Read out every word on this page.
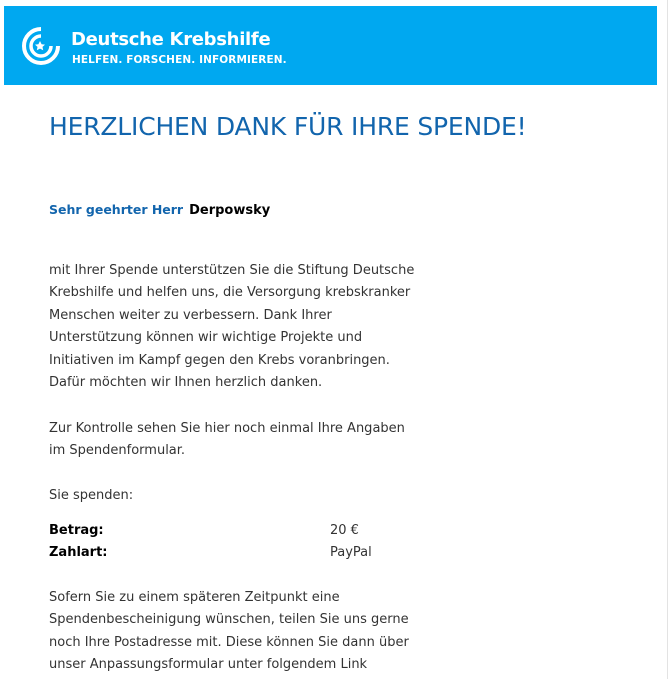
Deutsche Krebshilfe
HELFEN. FORSCHEN. INFORMIEREN.
HERZLICHEN DANK FÜR IHRE SPENDE!
Sehr geehrter Herr Derpowsky
mit Ihrer Spende unterstützen Sie die Stiftung Deutsche Krebshilfe und helfen uns, die Versorgung krebskranker Menschen weiter zu verbessern. Dank Ihrer Unterstützung können wir wichtige Projekte und Initiativen im Kampf gegen den Krebs voranbringen. Dafür möchten wir Ihnen herzlich danken.
Zur Kontrolle sehen Sie hier noch einmal Ihre Angaben im Spendenformular.
Sie spenden:
Betrag:	20 €
Zahlart:	PayPal
Sofern Sie zu einem späteren Zeitpunkt eine Spendenbescheinigung wünschen, teilen Sie uns gerne noch Ihre Postadresse mit. Diese können Sie dann über unser Anpassungsformular unter folgendem Link
